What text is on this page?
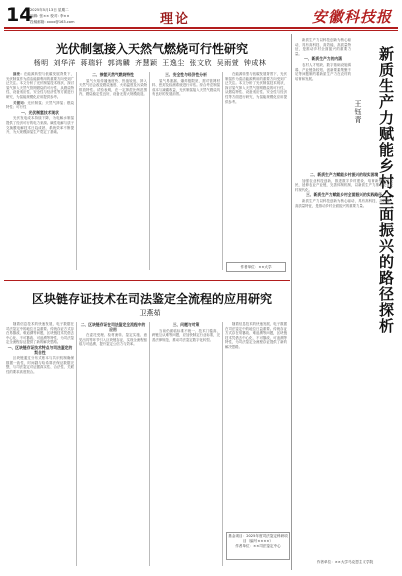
14
2025年5月13日 星期二
编辑: 张×× 校对: 李××
投稿邮箱: xxxx@163.com	理论	安徽科技报
光伏制氢接入天然气燃烧可行性研究
杨明 刘华洋 蒋瑞轩 郭鸿麟 齐慧颖 王逸尘 张文欣 吴雨萱 钟成林

摘要：在能源转型与低碳发展背景下，光伏制氢作为清洁能源利用的重要方向受到广泛关注。本文分析了光伏制氢技术现状，探讨氢气掺入天然气管网燃烧的可行性，从燃烧特性、设备适应性、安全性与经济性等方面进行研究，为氢能规模化应用提供参考。

关键词：光伏制氢；天然气掺氢；燃烧特性；可行性

一、光伏制氢技术现状

光伏发电成本持续下降，为电解水制氢提供了经济可行的电力来源。碱性电解与质子交换膜电解技术日趋成熟，系统效率不断提升，为大规模绿氢生产奠定了基础。

二、掺氢天然气燃烧特性

氢气火焰传播速度快、热值较低，掺入天然气后会改变燃烧速度、火焰温度及污染物排放特性。试验表明，在一定掺混比例范围内，燃烧稳定性良好，设备无需大规模改造。

三、安全性与经济性分析

氢气易泄漏、爆炸极限宽，需对管网材料、密封及检测系统进行评估。综合考虑制氢成本与减碳收益，光伏制氢接入天然气燃烧具有良好的发展前景。

在能源转型与低碳发展背景下，光伏制氢作为清洁能源利用的重要方向受到广泛关注。本文分析了光伏制氢技术现状，探讨氢气掺入天然气管网燃烧的可行性，从燃烧特性、设备适应性、安全性与经济性等方面进行研究，为氢能规模化应用提供参考。

作者单位：××大学
区块链存证技术在司法鉴定全流程的应用研究
卫燕茹

随着信息技术的快速发展，电子数据在司法鉴定中的地位日益重要。传统存证方式存在易篡改、难追溯等问题，区块链技术凭借去中心化、不可篡改、可追溯等特性，为司法鉴定全流程存证提供了新的解决思路。

一、区块链存证技术特点与司法鉴定的契合性

区块链通过分布式账本与共识机制确保数据一致性，时间戳与哈希算法保证数据完整，与司法鉴定对证据真实性、合法性、关联性的要求高度契合。

二、区块链存证在司法鉴定全流程中的应用

在委托受理、检材流转、鉴定实施、意见出具等环节引入区块链存证，实现全流程留痕与可追溯，提升鉴定公信力与效率。

三、问题与对策

当前仍面临标准不统一、技术门槛高、跨链互认难等问题，应加快制定行业标准，完善法律规范，推动司法鉴定数字化转型。

随着信息技术的快速发展，电子数据在司法鉴定中的地位日益重要。传统存证方式存在易篡改、难追溯等问题，区块链技术凭借去中心化、不可篡改、可追溯等特性，为司法鉴定全流程存证提供了新的解决思路。

基金项目：2025年度司法鉴定科研项目（编号××××）
作者单位：××司法鉴定中心
新质生产力赋能乡村全面振兴的路径探析
王钰青

新质生产力以科技创新为核心驱动，具有高科技、高效能、高质量特征，是推动乡村全面振兴的重要力量。

一、新质生产力的内涵

农村人才短缺、数字基础设施薄弱、产业链条较短、创新要素集聚不足等问题制约着新质生产力在农村的培育和发展。

二、新质生产力赋能乡村振兴的现实困境

加强农业科技创新，推进数字乡村建设，培育新型职业农民，延伸农业产业链，完善体制机制，以新质生产力推动农业农村现代化。

三、新质生产力赋能乡村全面振兴的实践路径

新质生产力以科技创新为核心驱动，具有高科技、高效能、高质量特征，是推动乡村全面振兴的重要力量。

作者单位：××大学马克思主义学院
